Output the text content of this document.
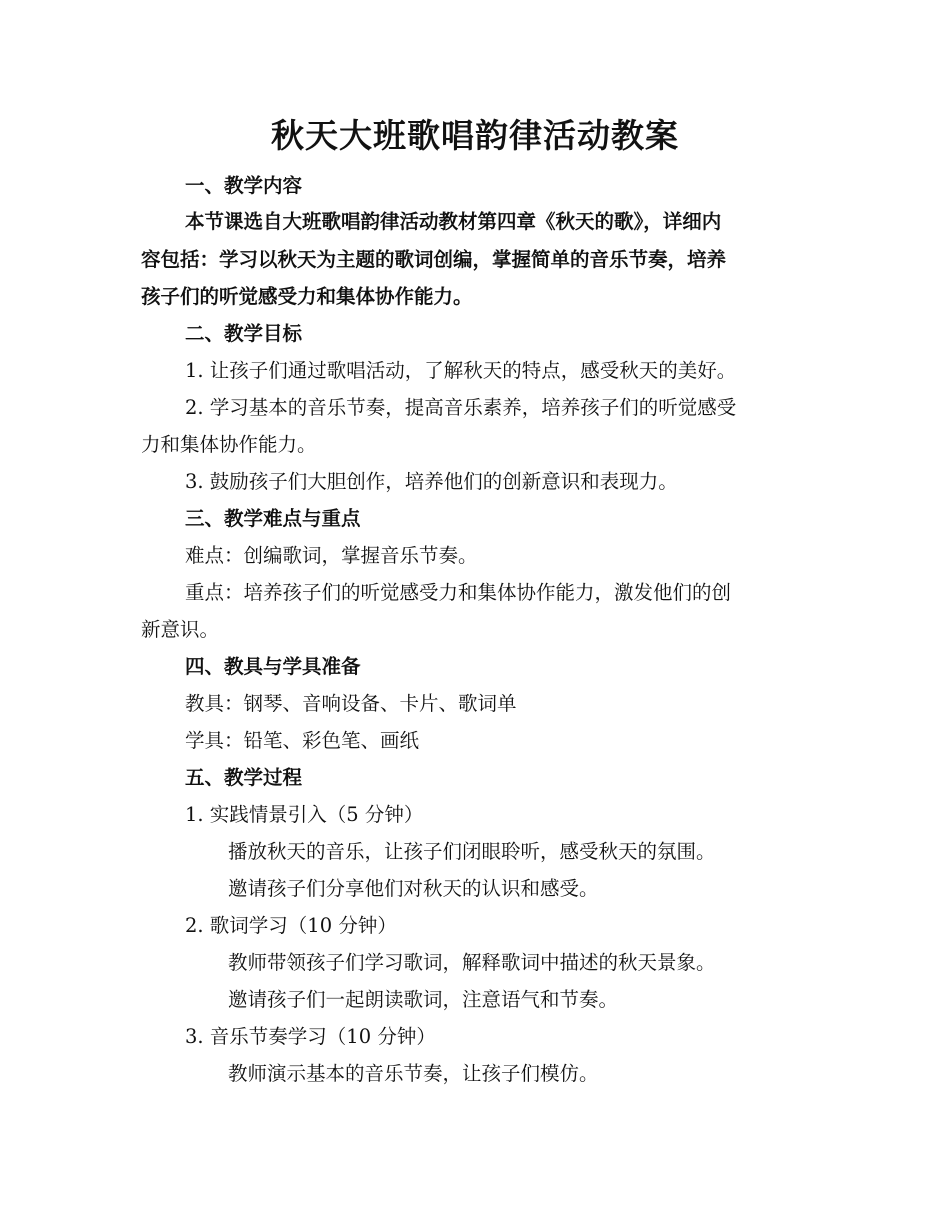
秋天大班歌唱韵律活动教案
一、教学内容
本节课选自大班歌唱韵律活动教材第四章《秋天的歌》，详细内
容包括：学习以秋天为主题的歌词创编，掌握简单的音乐节奏，培养
孩子们的听觉感受力和集体协作能力。
二、教学目标
1. 让孩子们通过歌唱活动，了解秋天的特点，感受秋天的美好。
2. 学习基本的音乐节奏，提高音乐素养，培养孩子们的听觉感受
力和集体协作能力。
3. 鼓励孩子们大胆创作，培养他们的创新意识和表现力。
三、教学难点与重点
难点：创编歌词，掌握音乐节奏。
重点：培养孩子们的听觉感受力和集体协作能力，激发他们的创
新意识。
四、教具与学具准备
教具：钢琴、音响设备、卡片、歌词单
学具：铅笔、彩色笔、画纸
五、教学过程
1. 实践情景引入（5 分钟）
播放秋天的音乐，让孩子们闭眼聆听，感受秋天的氛围。
邀请孩子们分享他们对秋天的认识和感受。
2. 歌词学习（10 分钟）
教师带领孩子们学习歌词，解释歌词中描述的秋天景象。
邀请孩子们一起朗读歌词，注意语气和节奏。
3. 音乐节奏学习（10 分钟）
教师演示基本的音乐节奏，让孩子们模仿。
